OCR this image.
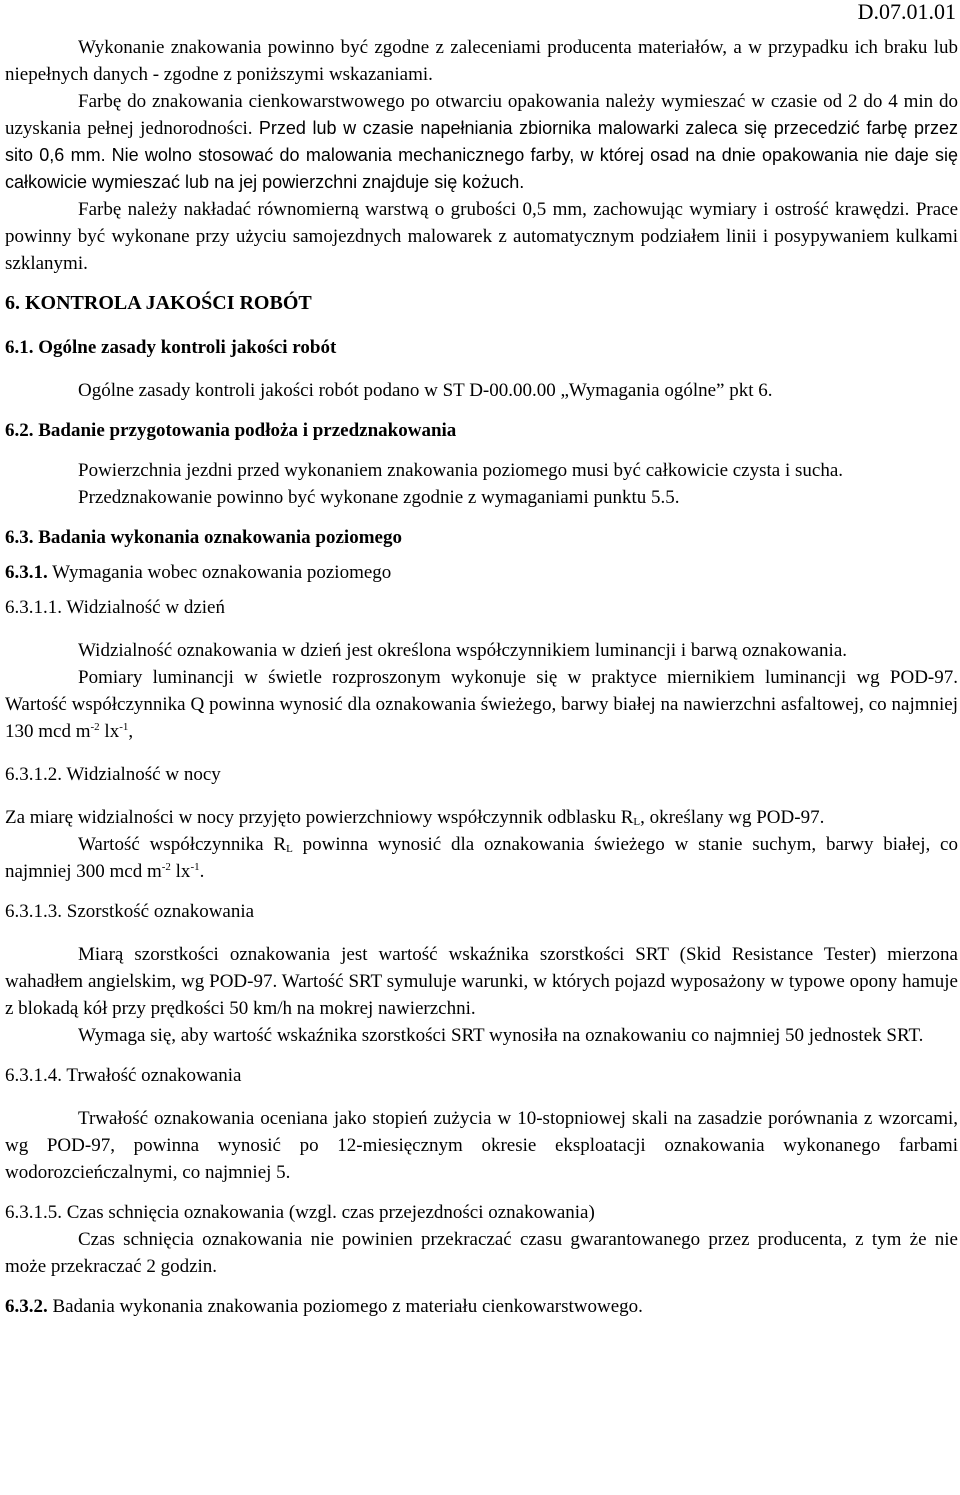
D.07.01.01

Wykonanie znakowania powinno być zgodne z zaleceniami producenta materiałów, a w przypadku ich braku lub niepełnych danych - zgodne z poniższymi wskazaniami.

Farbę do znakowania cienkowarstwowego po otwarciu opakowania należy wymieszać w czasie od 2 do 4 min do uzyskania pełnej jednorodności. Przed lub w czasie napełniania zbiornika malowarki zaleca się przecedzić farbę przez sito 0,6 mm. Nie wolno stosować do malowania mechanicznego farby, w której osad na dnie opakowania nie daje się całkowicie wymieszać lub na jej powierzchni znajduje się kożuch.

Farbę należy nakładać równomierną warstwą o grubości 0,5 mm, zachowując wymiary i ostrość krawędzi. Prace powinny być wykonane przy użyciu samojezdnych malowarek z automatycznym podziałem linii i posypywaniem kulkami szklanymi.

6. KONTROLA JAKOŚCI ROBÓT

6.1. Ogólne zasady kontroli jakości robót

Ogólne zasady kontroli jakości robót podano w ST D-00.00.00 „Wymagania ogólne” pkt 6.

6.2. Badanie przygotowania podłoża i przedznakowania

Powierzchnia jezdni przed wykonaniem znakowania poziomego musi być całkowicie czysta i sucha.

Przedznakowanie powinno być wykonane zgodnie z wymaganiami punktu 5.5.

6.3. Badania wykonania oznakowania poziomego

6.3.1. Wymagania wobec oznakowania poziomego

6.3.1.1. Widzialność w dzień

Widzialność oznakowania w dzień jest określona współczynnikiem luminancji i barwą oznakowania.

Pomiary luminancji w świetle rozproszonym wykonuje się w praktyce miernikiem luminancji wg POD-97. Wartość współczynnika Q powinna wynosić dla oznakowania świeżego, barwy białej na nawierzchni asfaltowej, co najmniej 130 mcd $m^{-2}$ $lx^{-1}$,

6.3.1.2. Widzialność w nocy

Za miarę widzialności w nocy przyjęto powierzchniowy współczynnik odblasku $R_L$, określany wg POD-97.

Wartość współczynnika $R_L$ powinna wynosić dla oznakowania świeżego w stanie suchym, barwy białej, co najmniej 300 mcd $m^{-2}$ $lx^{-1}$.

6.3.1.3. Szorstkość oznakowania

Miarą szorstkości oznakowania jest wartość wskaźnika szorstkości SRT (Skid Resistance Tester) mierzona wahadłem angielskim, wg POD-97. Wartość SRT symuluje warunki, w których pojazd wyposażony w typowe opony hamuje z blokadą kół przy prędkości 50 km/h na mokrej nawierzchni.

Wymaga się, aby wartość wskaźnika szorstkości SRT wynosiła na oznakowaniu co najmniej 50 jednostek SRT.

6.3.1.4. Trwałość oznakowania

Trwałość oznakowania oceniana jako stopień zużycia w 10-stopniowej skali na zasadzie porównania z wzorcami, wg POD-97, powinna wynosić po 12-miesięcznym okresie eksploatacji oznakowania wykonanego farbami wodorozcieńczalnymi, co najmniej 5.

6.3.1.5. Czas schnięcia oznakowania (wzgl. czas przejezdności oznakowania)

Czas schnięcia oznakowania nie powinien przekraczać czasu gwarantowanego przez producenta, z tym że nie może przekraczać 2 godzin.

6.3.2. Badania wykonania znakowania poziomego z materiału cienkowarstwowego.
